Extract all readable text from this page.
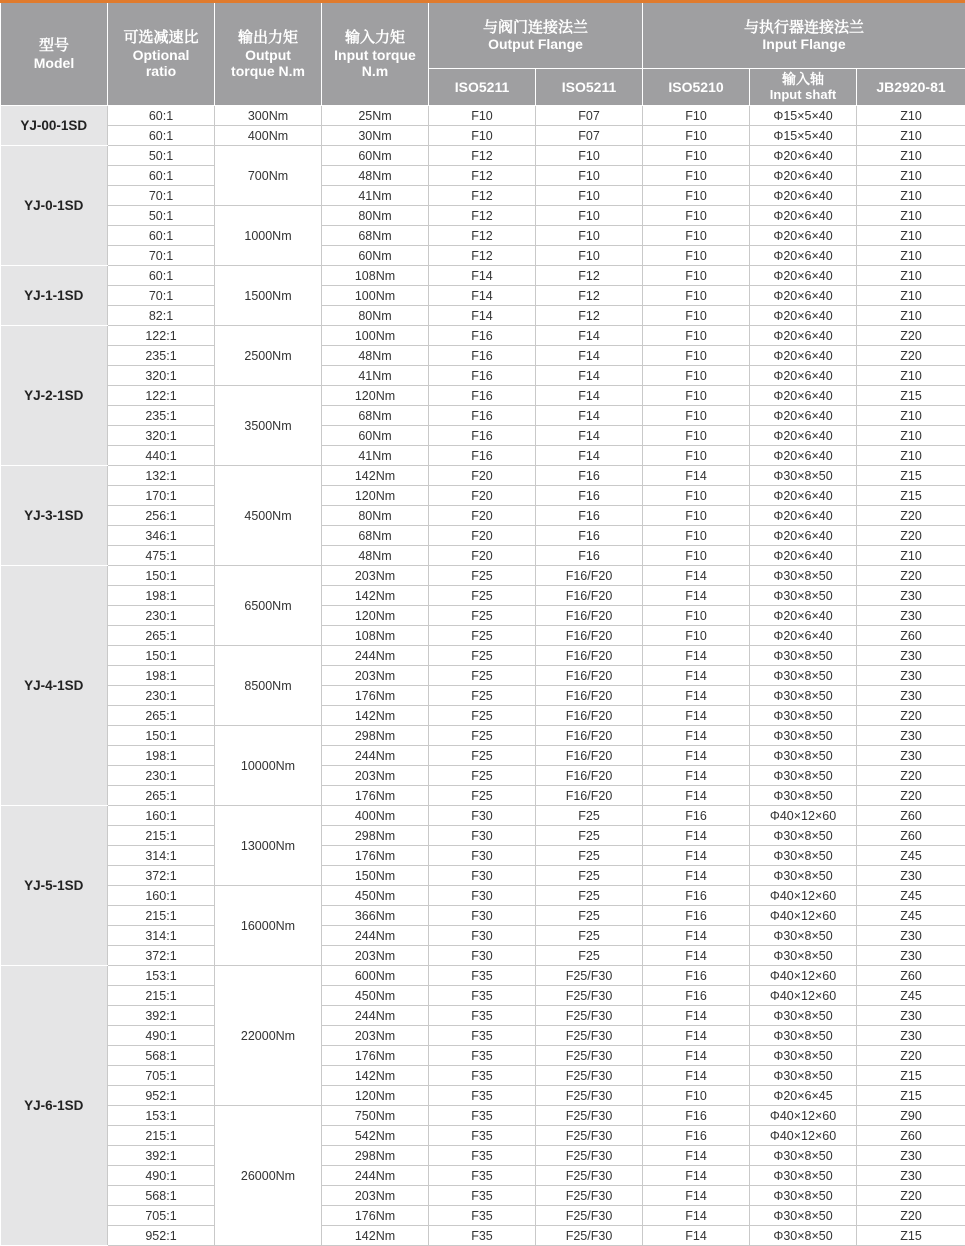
型号
Model	可选减速比
Optional
ratio	输出力矩
Output
torque N.m	输入力矩
Input torque
N.m	与阀门连接法兰
Output Flange		与执行器连接法兰
Input Flange		

				ISO5211	ISO5211	ISO5210	输入轴
Input shaft	JB2920-81
YJ-00-1SD	60:1	300Nm	25Nm	F10	F07	F10	Φ15×5×40	Z10
	60:1	400Nm	30Nm	F10	F07	F10	Φ15×5×40	Z10
YJ-0-1SD	50:1	700Nm	60Nm	F12	F10	F10	Φ20×6×40	Z10
	60:1		48Nm	F12	F10	F10	Φ20×6×40	Z10
	70:1		41Nm	F12	F10	F10	Φ20×6×40	Z10
	50:1	1000Nm	80Nm	F12	F10	F10	Φ20×6×40	Z10
	60:1		68Nm	F12	F10	F10	Φ20×6×40	Z10
	70:1		60Nm	F12	F10	F10	Φ20×6×40	Z10
YJ-1-1SD	60:1	1500Nm	108Nm	F14	F12	F10	Φ20×6×40	Z10
	70:1		100Nm	F14	F12	F10	Φ20×6×40	Z10
	82:1		80Nm	F14	F12	F10	Φ20×6×40	Z10
YJ-2-1SD	122:1	2500Nm	100Nm	F16	F14	F10	Φ20×6×40	Z20
	235:1		48Nm	F16	F14	F10	Φ20×6×40	Z20
	320:1		41Nm	F16	F14	F10	Φ20×6×40	Z10
	122:1	3500Nm	120Nm	F16	F14	F10	Φ20×6×40	Z15
	235:1		68Nm	F16	F14	F10	Φ20×6×40	Z10
	320:1		60Nm	F16	F14	F10	Φ20×6×40	Z10
	440:1		41Nm	F16	F14	F10	Φ20×6×40	Z10
YJ-3-1SD	132:1	4500Nm	142Nm	F20	F16	F14	Φ30×8×50	Z15
	170:1		120Nm	F20	F16	F10	Φ20×6×40	Z15
	256:1		80Nm	F20	F16	F10	Φ20×6×40	Z20
	346:1		68Nm	F20	F16	F10	Φ20×6×40	Z20
	475:1		48Nm	F20	F16	F10	Φ20×6×40	Z10
YJ-4-1SD	150:1	6500Nm	203Nm	F25	F16/F20	F14	Φ30×8×50	Z20
	198:1		142Nm	F25	F16/F20	F14	Φ30×8×50	Z30
	230:1		120Nm	F25	F16/F20	F10	Φ20×6×40	Z30
	265:1		108Nm	F25	F16/F20	F10	Φ20×6×40	Z60
	150:1	8500Nm	244Nm	F25	F16/F20	F14	Φ30×8×50	Z30
	198:1		203Nm	F25	F16/F20	F14	Φ30×8×50	Z30
	230:1		176Nm	F25	F16/F20	F14	Φ30×8×50	Z30
	265:1		142Nm	F25	F16/F20	F14	Φ30×8×50	Z20
	150:1	10000Nm	298Nm	F25	F16/F20	F14	Φ30×8×50	Z30
	198:1		244Nm	F25	F16/F20	F14	Φ30×8×50	Z30
	230:1		203Nm	F25	F16/F20	F14	Φ30×8×50	Z20
	265:1		176Nm	F25	F16/F20	F14	Φ30×8×50	Z20
YJ-5-1SD	160:1	13000Nm	400Nm	F30	F25	F16	Φ40×12×60	Z60
	215:1		298Nm	F30	F25	F14	Φ30×8×50	Z60
	314:1		176Nm	F30	F25	F14	Φ30×8×50	Z45
	372:1		150Nm	F30	F25	F14	Φ30×8×50	Z30
	160:1	16000Nm	450Nm	F30	F25	F16	Φ40×12×60	Z45
	215:1		366Nm	F30	F25	F16	Φ40×12×60	Z45
	314:1		244Nm	F30	F25	F14	Φ30×8×50	Z30
	372:1		203Nm	F30	F25	F14	Φ30×8×50	Z30
YJ-6-1SD	153:1	22000Nm	600Nm	F35	F25/F30	F16	Φ40×12×60	Z60
	215:1		450Nm	F35	F25/F30	F16	Φ40×12×60	Z45
	392:1		244Nm	F35	F25/F30	F14	Φ30×8×50	Z30
	490:1		203Nm	F35	F25/F30	F14	Φ30×8×50	Z30
	568:1		176Nm	F35	F25/F30	F14	Φ30×8×50	Z20
	705:1		142Nm	F35	F25/F30	F14	Φ30×8×50	Z15
	952:1		120Nm	F35	F25/F30	F10	Φ20×6×45	Z15
	153:1	26000Nm	750Nm	F35	F25/F30	F16	Φ40×12×60	Z90
	215:1		542Nm	F35	F25/F30	F16	Φ40×12×60	Z60
	392:1		298Nm	F35	F25/F30	F14	Φ30×8×50	Z30
	490:1		244Nm	F35	F25/F30	F14	Φ30×8×50	Z30
	568:1		203Nm	F35	F25/F30	F14	Φ30×8×50	Z20
	705:1		176Nm	F35	F25/F30	F14	Φ30×8×50	Z20
	952:1		142Nm	F35	F25/F30	F14	Φ30×8×50	Z15
